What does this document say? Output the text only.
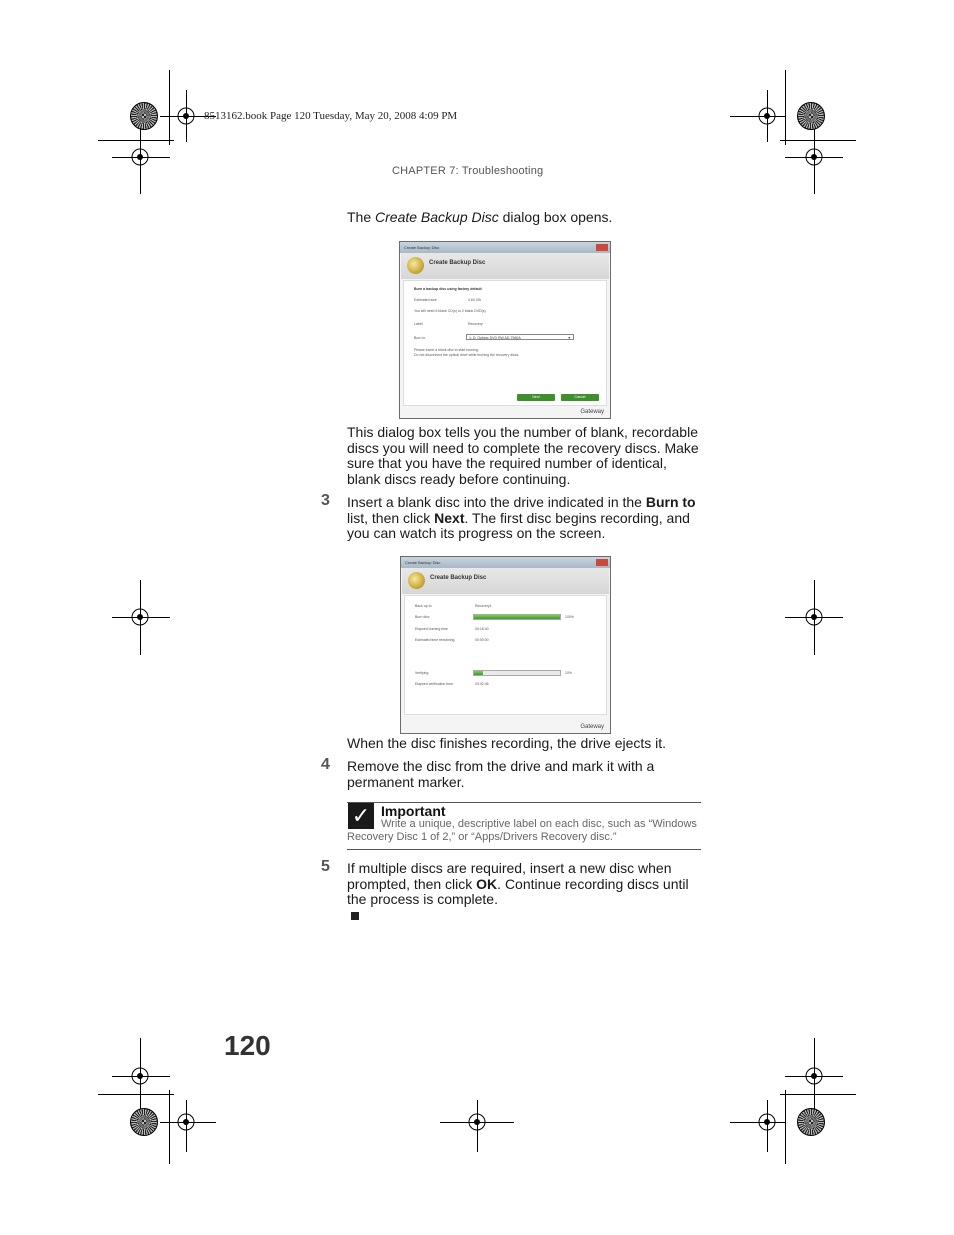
8513162.book Page 120 Tuesday, May 20, 2008 4:09 PM
CHAPTER 7: Troubleshooting
The Create Backup Disc dialog box opens.
Create Backup Disc
Create Backup Disc
Burn a backup disc using factory default
Estimated size	4.60 GB
You will need 6 blank CD(s) or 2 blank DVD(s)
Label	Recovery
Burn to	1: D: Optiarc DVD RW AD-7560A	▼
Please insert a blank disc to start burning.
Do not disconnect the optical drive while burning the recovery discs.
Next	Cancel
Gateway
This dialog box tells you the number of blank, recordable discs you will need to complete the recovery discs. Make sure that you have the required number of identical, blank discs ready before continuing.
3 Insert a blank disc into the drive indicated in the Burn to list, then click Next. The first disc begins recording, and you can watch its progress on the screen.
Create Backup Disc
Create Backup Disc
Back up to	Recovery1
Burn disc	100%
Elapsed burning time	00:18:40
Estimated time remaining	00:00:00
Verifying	10%
Elapsed verification time	00:02:46
Gateway
When the disc finishes recording, the drive ejects it.
4 Remove the disc from the drive and mark it with a permanent marker.
✓ Important
Write a unique, descriptive label on each disc, such as “Windows Recovery Disc 1 of 2,” or “Apps/Drivers Recovery disc.”
5 If multiple discs are required, insert a new disc when prompted, then click OK. Continue recording discs until the process is complete.
120
